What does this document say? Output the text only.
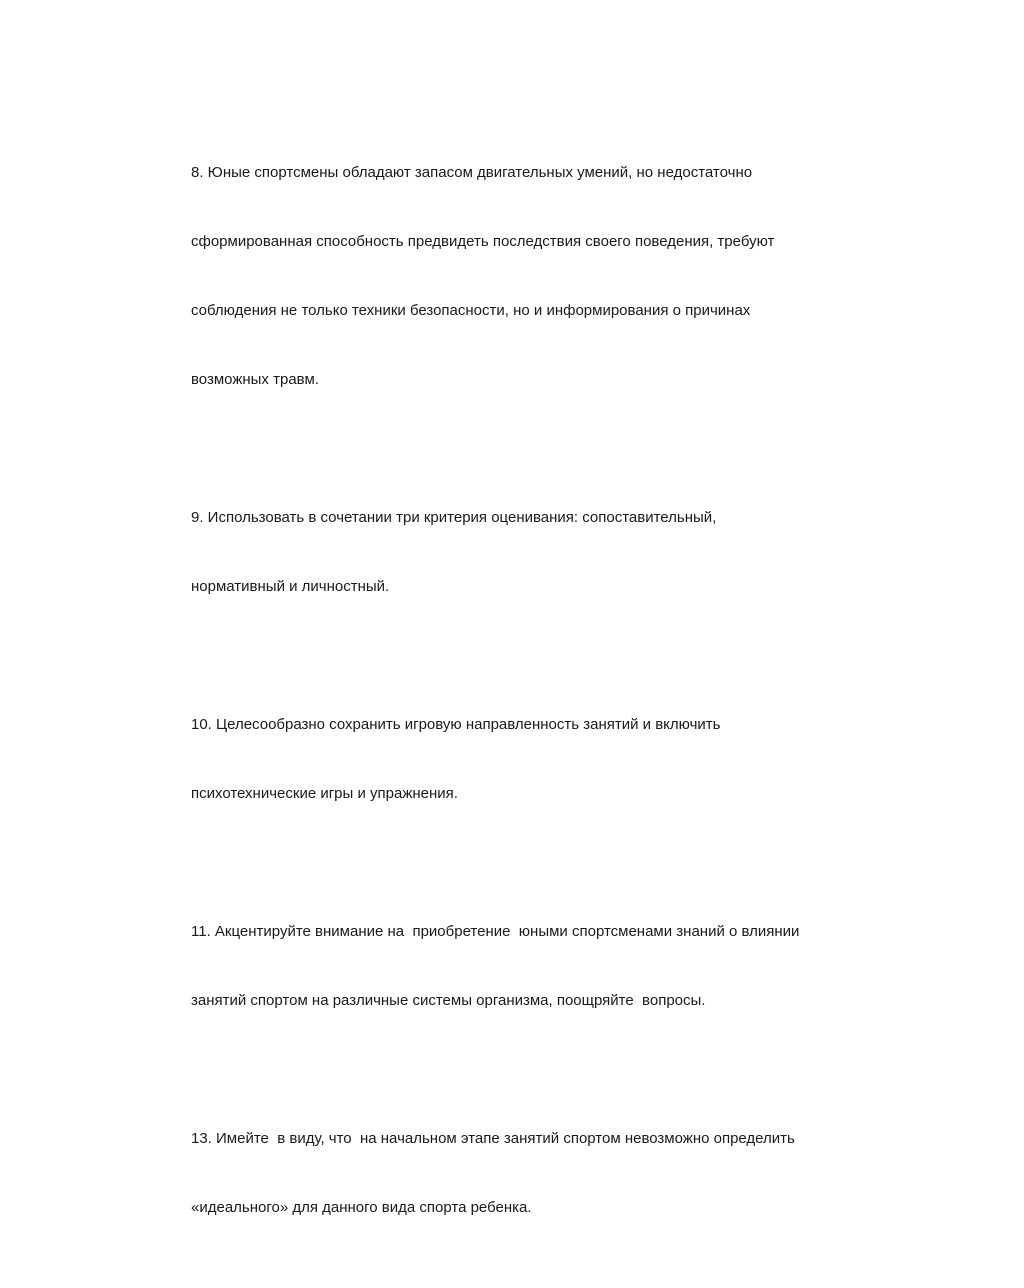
8. Юные спортсмены обладают запасом двигательных умений, но недостаточно

сформированная способность предвидеть последствия своего поведения, требуют

соблюдения не только техники безопасности, но и информирования о причинах

возможных травм.

9. Использовать в сочетании три критерия оценивания: сопоставительный,

нормативный и личностный.

10. Целесообразно сохранить игровую направленность занятий и включить

психотехнические игры и упражнения.

11. Акцентируйте внимание на  приобретение  юными спортсменами знаний о влиянии

занятий спортом на различные системы организма, поощряйте  вопросы.

13. Имейте  в виду, что  на начальном этапе занятий спортом невозможно определить

«идеального» для данного вида спорта ребенка.
